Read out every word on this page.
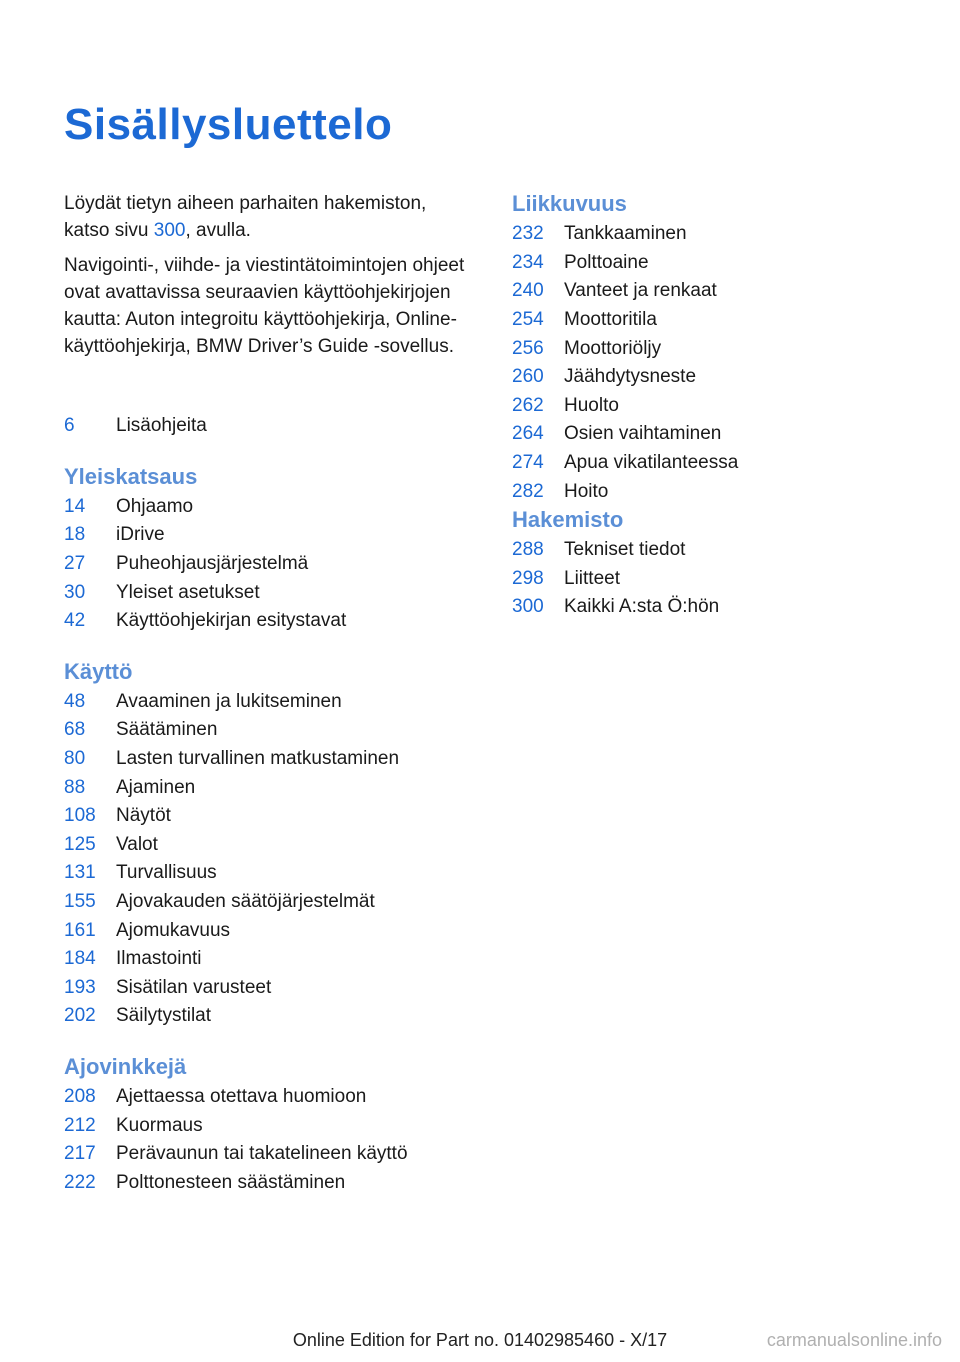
Sisällysluettelo

Löydät tietyn aiheen parhaiten hakemiston,
katso sivu 300, avulla.

Navigointi-, viihde- ja viestintätoimintojen ohjeet ovat avattavissa seuraavien käyttöohjekirjojen kautta: Auton integroitu käyttöohjekirja, Online-käyttöohjekirja, BMW Driver’s Guide -sovellus.

6	Lisäohjeita
Yleiskatsaus
14	Ohjaamo
18	iDrive
27	Puheohjausjärjestelmä
30	Yleiset asetukset
42	Käyttöohjekirjan esitystavat
Käyttö
48	Avaaminen ja lukitseminen
68	Säätäminen
80	Lasten turvallinen matkustaminen
88	Ajaminen
108	Näytöt
125	Valot
131	Turvallisuus
155	Ajovakauden säätöjärjestelmät
161	Ajomukavuus
184	Ilmastointi
193	Sisätilan varusteet
202	Säilytystilat
Ajovinkkejä
208	Ajettaessa otettava huomioon
212	Kuormaus
217	Perävaunun tai takatelineen käyttö
222	Polttonesteen säästäminen
Liikkuvuus
232	Tankkaaminen
234	Polttoaine
240	Vanteet ja renkaat
254	Moottoritila
256	Moottoriöljy
260	Jäähdytysneste
262	Huolto
264	Osien vaihtaminen
274	Apua vikatilanteessa
282	Hoito
Hakemisto
288	Tekniset tiedot
298	Liitteet
300	Kaikki A:sta Ö:hön
Online Edition for Part no. 01402985460 - X/17	carmanualsonline.info
